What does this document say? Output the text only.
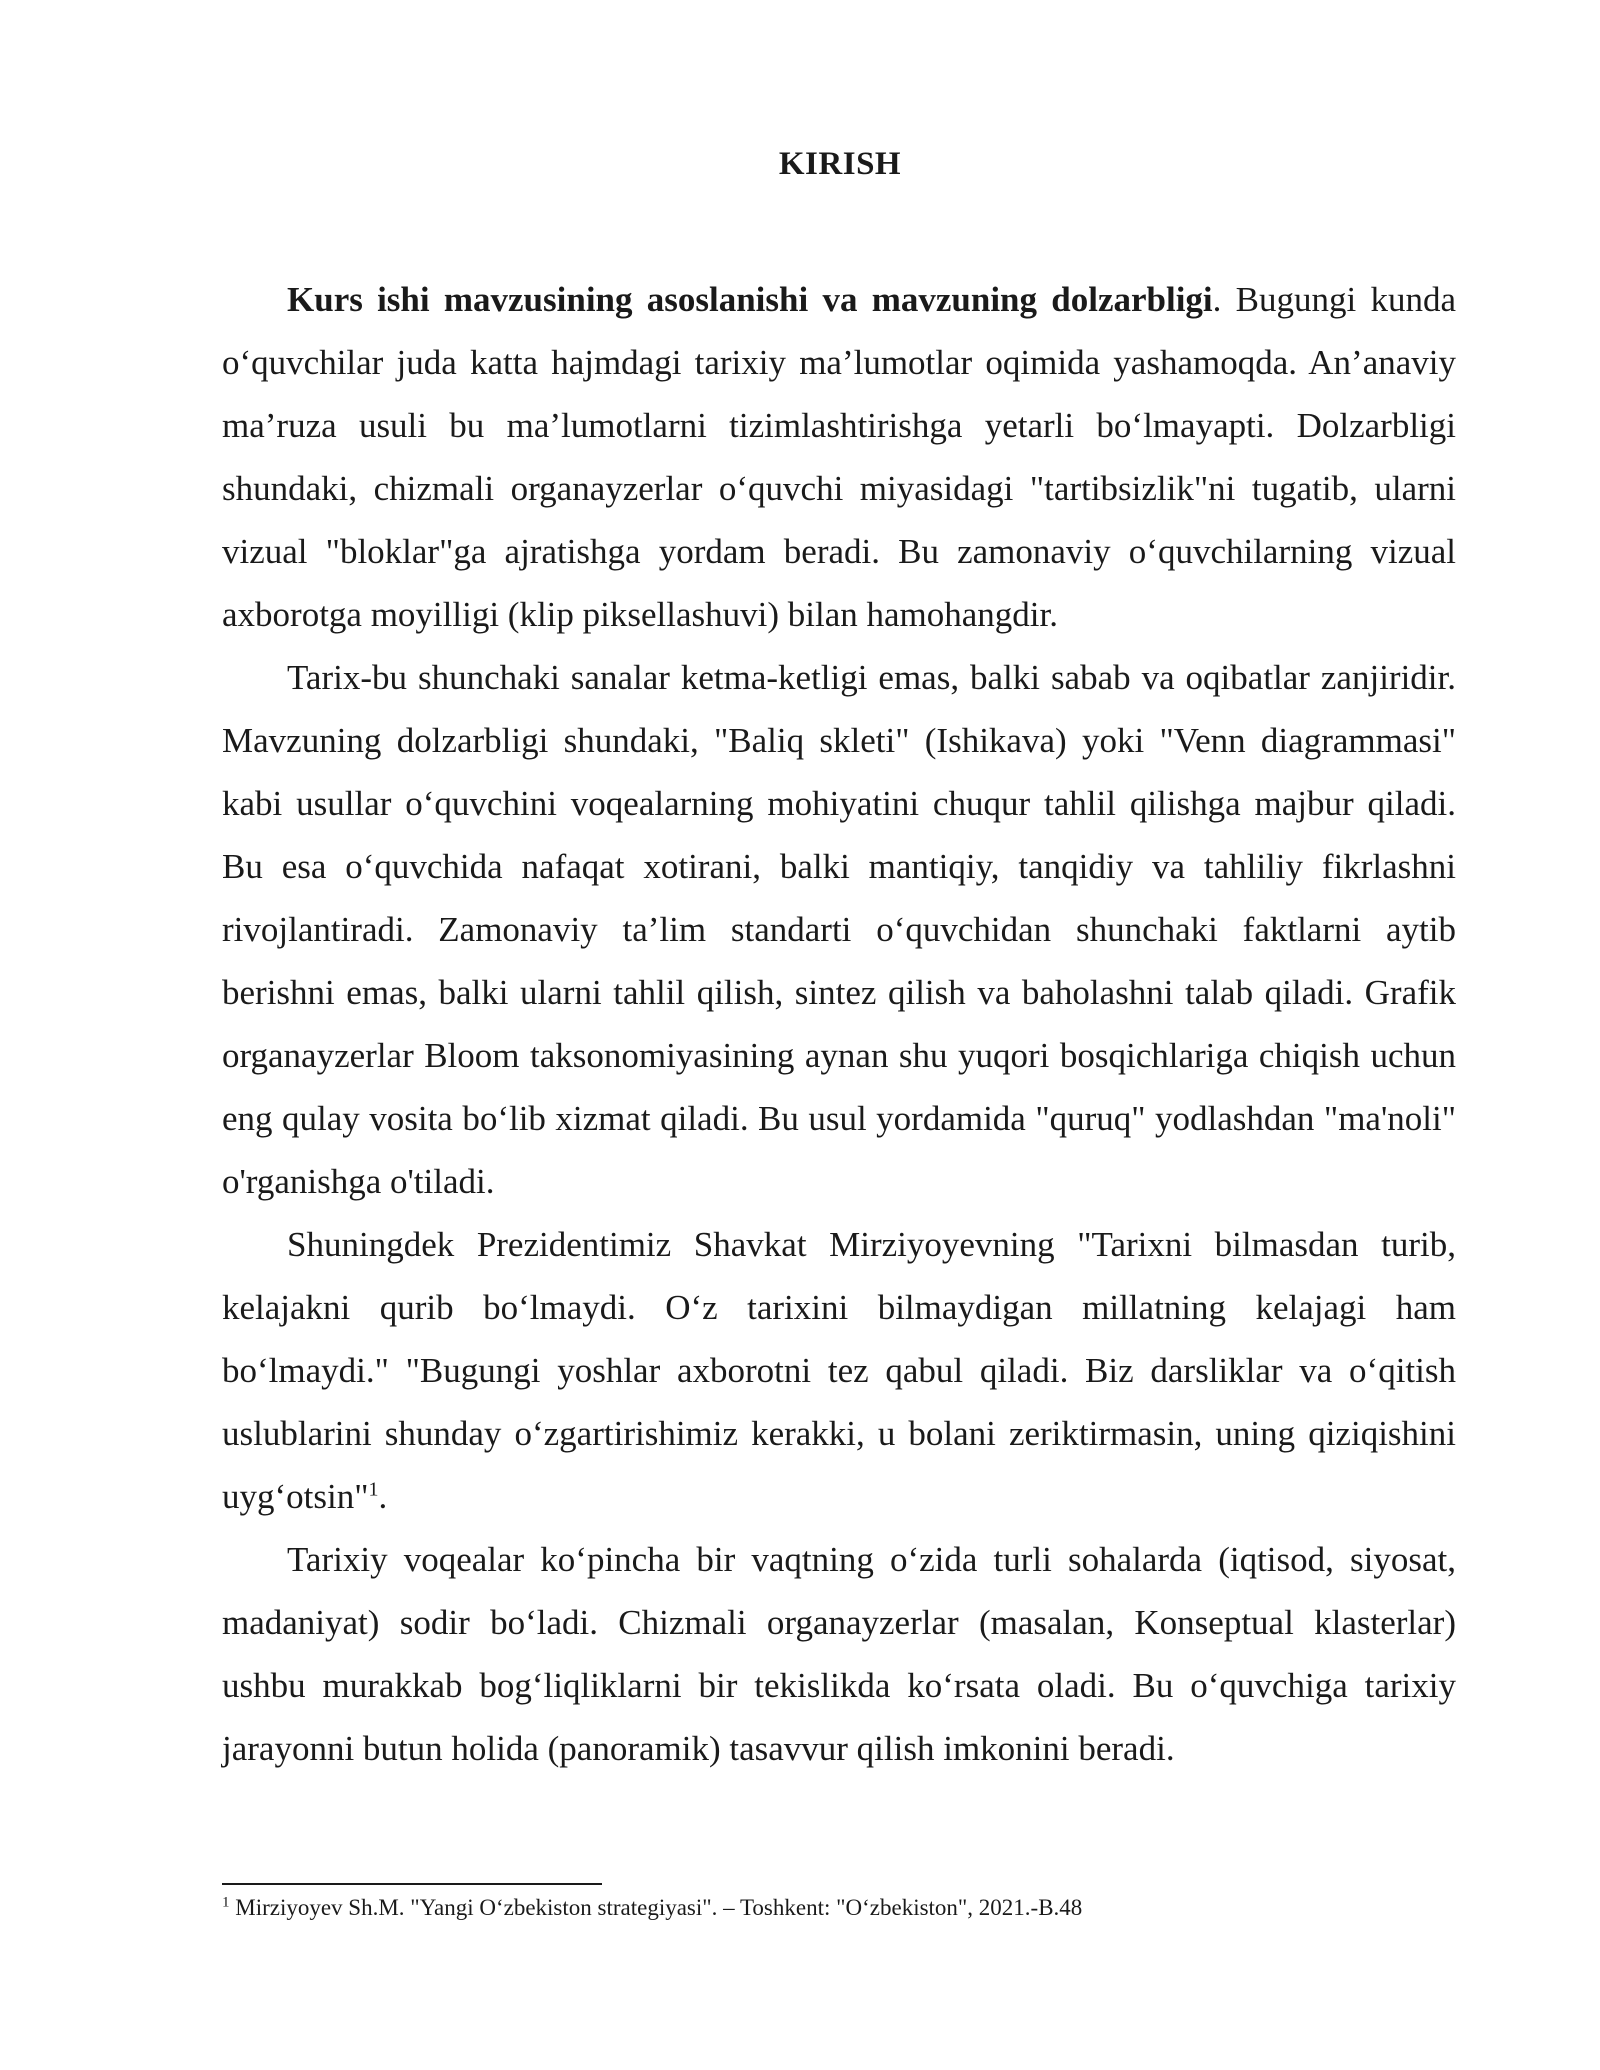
KIRISH

Kurs ishi mavzusining asoslanishi va mavzuning dolzarbligi. Bugungi kunda o‘quvchilar juda katta hajmdagi tarixiy ma’lumotlar oqimida yashamoqda. An’anaviy ma’ruza usuli bu ma’lumotlarni tizimlashtirishga yetarli bo‘lmayapti. Dolzarbligi shundaki, chizmali organayzerlar o‘quvchi miyasidagi "tartibsizlik"ni tugatib, ularni vizual "bloklar"ga ajratishga yordam beradi. Bu zamonaviy o‘quvchilarning vizual axborotga moyilligi (klip piksellashuvi) bilan hamohangdir.

Tarix-bu shunchaki sanalar ketma-ketligi emas, balki sabab va oqibatlar zanjiridir. Mavzuning dolzarbligi shundaki, "Baliq skleti" (Ishikava) yoki "Venn diagrammasi" kabi usullar o‘quvchini voqealarning mohiyatini chuqur tahlil qilishga majbur qiladi. Bu esa o‘quvchida nafaqat xotirani, balki mantiqiy, tanqidiy va tahliliy fikrlashni rivojlantiradi. Zamonaviy ta’lim standarti o‘quvchidan shunchaki faktlarni aytib berishni emas, balki ularni tahlil qilish, sintez qilish va baholashni talab qiladi. Grafik organayzerlar Bloom taksonomiyasining aynan shu yuqori bosqichlariga chiqish uchun eng qulay vosita bo‘lib xizmat qiladi. Bu usul yordamida "quruq" yodlashdan "ma'noli" o'rganishga o'tiladi.

Shuningdek Prezidentimiz Shavkat Mirziyoyevning "Tarixni bilmasdan turib, kelajakni qurib bo‘lmaydi. O‘z tarixini bilmaydigan millatning kelajagi ham bo‘lmaydi." "Bugungi yoshlar axborotni tez qabul qiladi. Biz darsliklar va o‘qitish uslublarini shunday o‘zgartirishimiz kerakki, u bolani zeriktirmasin, uning qiziqishini uyg‘otsin"$^1$.

Tarixiy voqealar ko‘pincha bir vaqtning o‘zida turli sohalarda (iqtisod, siyosat, madaniyat) sodir bo‘ladi. Chizmali organayzerlar (masalan, Konseptual klasterlar) ushbu murakkab bog‘liqliklarni bir tekislikda ko‘rsata oladi. Bu o‘quvchiga tarixiy jarayonni butun holida (panoramik) tasavvur qilish imkonini beradi.

$^1$ Mirziyoyev Sh.M. "Yangi O‘zbekiston strategiyasi". – Toshkent: "O‘zbekiston", 2021.-B.48
